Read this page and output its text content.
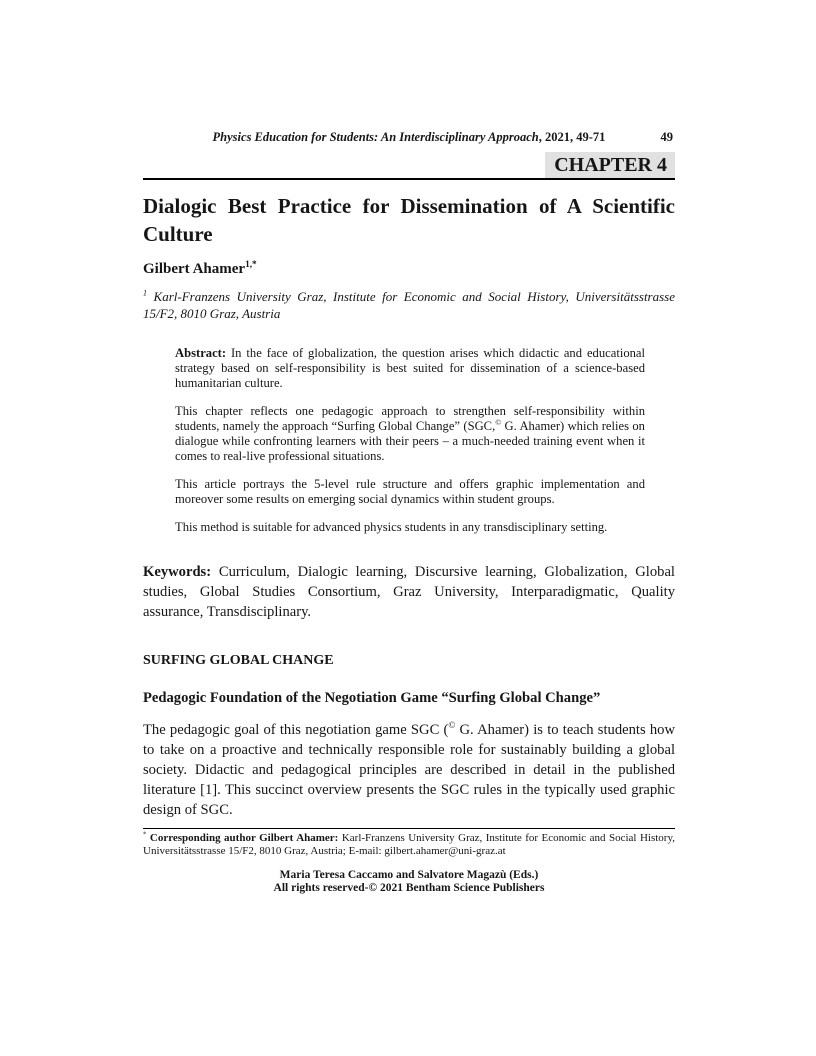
Physics Education for Students: An Interdisciplinary Approach, 2021, 49-71	49
CHAPTER 4
Dialogic Best Practice for Dissemination of A Scientific Culture
Gilbert Ahamer$^{1,*}$
$^1$ Karl-Franzens University Graz, Institute for Economic and Social History, Universitätsstrasse 15/F2, 8010 Graz, Austria

Abstract: In the face of globalization, the question arises which didactic and educational strategy based on self-responsibility is best suited for dissemination of a science-based humanitarian culture.

This chapter reflects one pedagogic approach to strengthen self-responsibility within students, namely the approach “Surfing Global Change” (SGC,© G. Ahamer) which relies on dialogue while confronting learners with their peers – a much-needed training event when it comes to real-live professional situations.

This article portrays the 5-level rule structure and offers graphic implementation and moreover some results on emerging social dynamics within student groups.

This method is suitable for advanced physics students in any transdisciplinary setting.

Keywords: Curriculum, Dialogic learning, Discursive learning, Globalization, Global studies, Global Studies Consortium, Graz University, Interparadigmatic, Quality assurance, Transdisciplinary.
SURFING GLOBAL CHANGE
Pedagogic Foundation of the Negotiation Game “Surfing Global Change”
The pedagogic goal of this negotiation game SGC (© G. Ahamer) is to teach students how to take on a proactive and technically responsible role for sustainably building a global society. Didactic and pedagogical principles are described in detail in the published literature [1]. This succinct overview presents the SGC rules in the typically used graphic design of SGC.
* Corresponding author Gilbert Ahamer: Karl-Franzens University Graz, Institute for Economic and Social History, Universitätsstrasse 15/F2, 8010 Graz, Austria; E-mail: gilbert.ahamer@uni-graz.at
Maria Teresa Caccamo and Salvatore Magazù (Eds.)
All rights reserved-© 2021 Bentham Science Publishers
